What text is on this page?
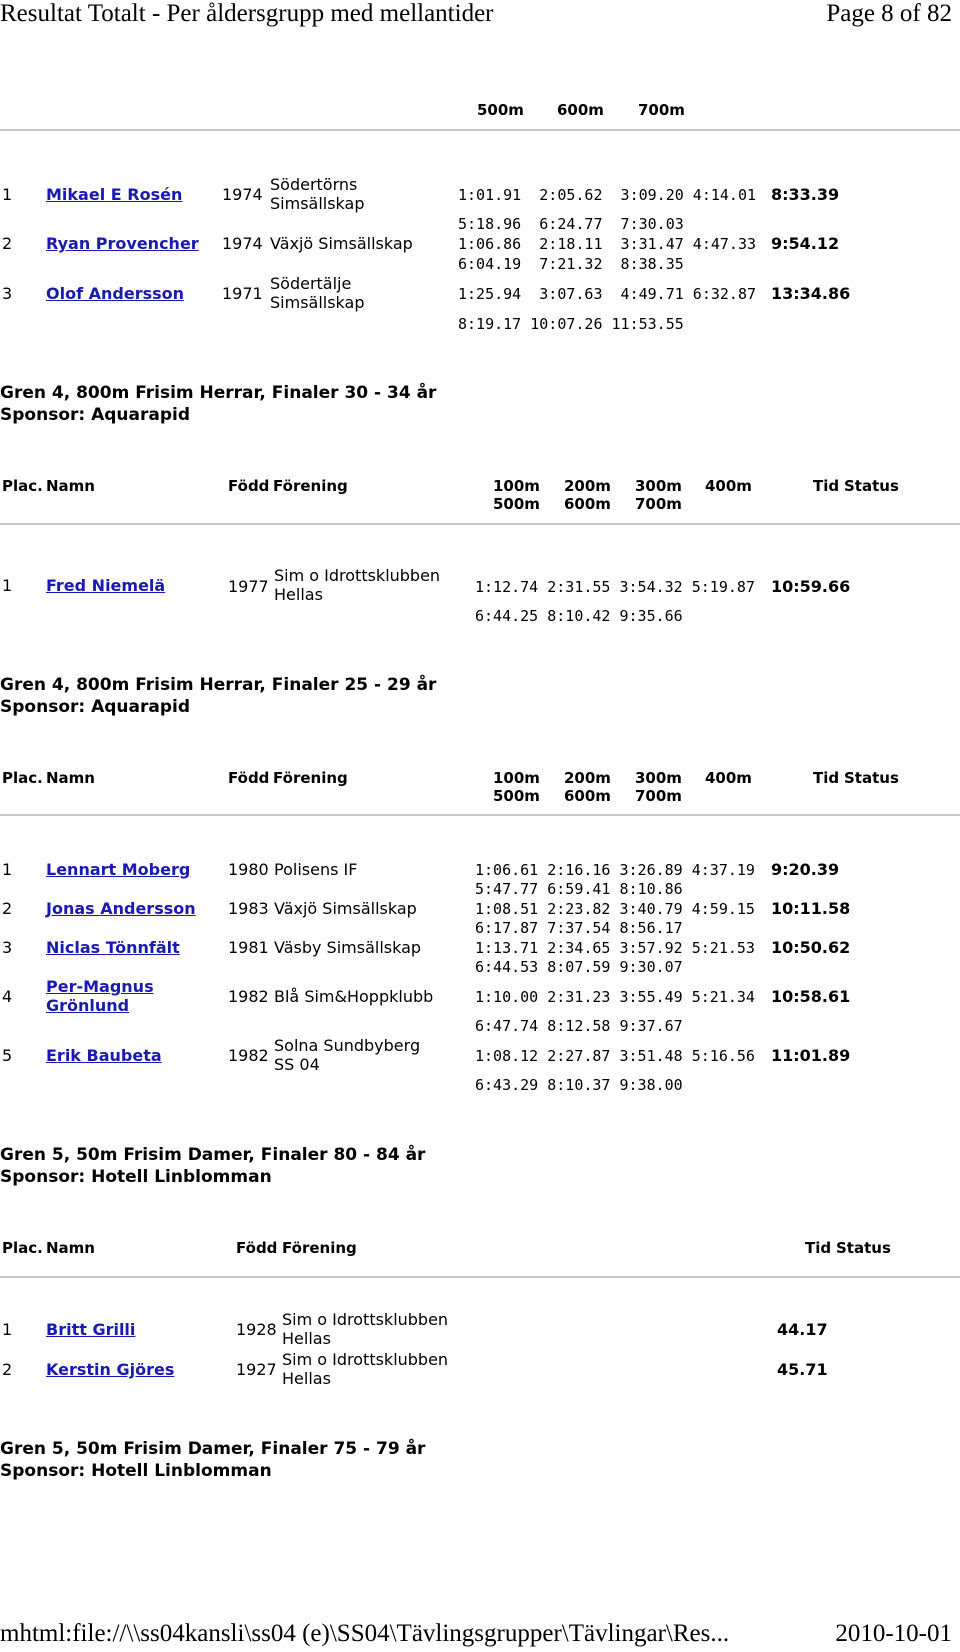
Resultat Totalt - Per åldersgrupp med mellantider	Page 8 of 82
500m 600m 700m
1 Mikael E Rosén 1974
Södertörns Simsällskap	1:01.91  2:05.62  3:09.20 4:14.01 8:33.39
5:18.96  6:24.77  7:30.03
2 Ryan Provencher 1974 Växjö Simsällskap	1:06.86  2:18.11  3:31.47 4:47.33 9:54.12
6:04.19  7:21.32  8:38.35
3 Olof Andersson 1971
Södertälje Simsällskap	1:25.94  3:07.63  4:49.71 6:32.87 13:34.86
8:19.17 10:07.26 11:53.55
Gren 4, 800m Frisim Herrar, Finaler 30 - 34 år
Sponsor: Aquarapid
Plac. Namn	Född Förening	100m 200m 300m 400m	Tid Status
500m 600m 700m
1 Fred Niemelä	1977
Sim o Idrottsklubben Hellas	1:12.74 2:31.55 3:54.32 5:19.87 10:59.66
6:44.25 8:10.42 9:35.66
Gren 4, 800m Frisim Herrar, Finaler 25 - 29 år
Sponsor: Aquarapid
Plac. Namn	Född Förening	100m 200m 300m 400m	Tid Status
500m 600m 700m
1 Lennart Moberg 1980 Polisens IF	1:06.61 2:16.16 3:26.89 4:37.19 9:20.39
5:47.77 6:59.41 8:10.86
2 Jonas Andersson 1983 Växjö Simsällskap	1:08.51 2:23.82 3:40.79 4:59.15 10:11.58
6:17.87 7:37.54 8:56.17
3 Niclas Tönnfält	1981 Väsby Simsällskap	1:13.71 2:34.65 3:57.92 5:21.53 10:50.62
6:44.53 8:07.59 9:30.07
4
Per-Magnus Grönlund	1982 Blå Sim&Hoppklubb	1:10.00 2:31.23 3:55.49 5:21.34 10:58.61
6:47.74 8:12.58 9:37.67
5 Erik Baubeta	1982
Solna Sundbyberg SS 04	1:08.12 2:27.87 3:51.48 5:16.56 11:01.89
6:43.29 8:10.37 9:38.00
Gren 5, 50m Frisim Damer, Finaler 80 - 84 år
Sponsor: Hotell Linblomman
Plac. Namn	Född Förening	Tid Status
1 Britt Grilli	1928
Sim o Idrottsklubben Hellas	44.17
2 Kerstin Gjöres	1927
Sim o Idrottsklubben Hellas	45.71
Gren 5, 50m Frisim Damer, Finaler 75 - 79 år
Sponsor: Hotell Linblomman
mhtml:file://\\ss04kansli\ss04 (e)\SS04\Tävlingsgrupper\Tävlingar\Res...	2010-10-01
